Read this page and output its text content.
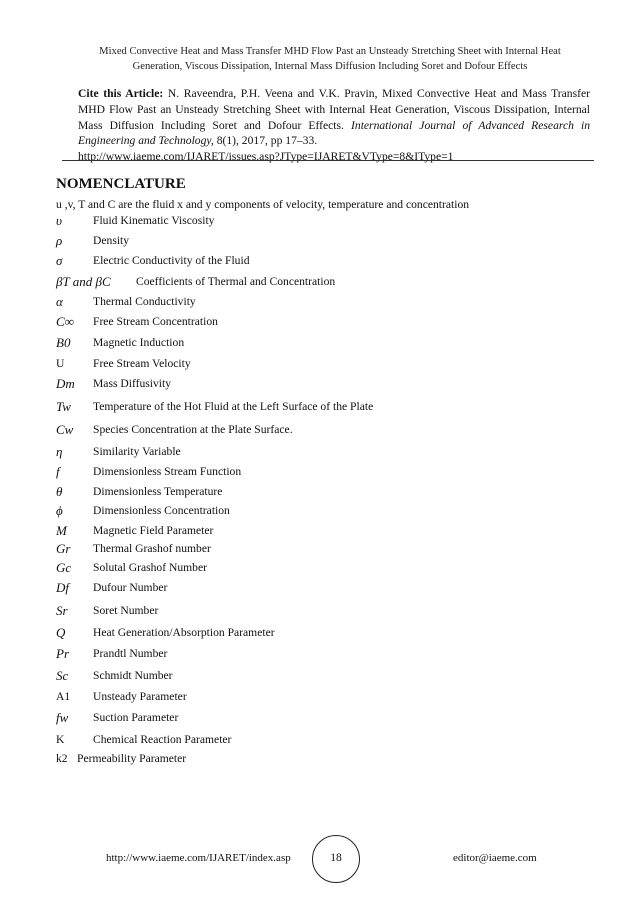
Mixed Convective Heat and Mass Transfer MHD Flow Past an Unsteady Stretching Sheet with Internal Heat
Generation, Viscous Dissipation, Internal Mass Diffusion Including Soret and Dofour Effects
Cite this Article: N. Raveendra, P.H. Veena and V.K. Pravin, Mixed Convective Heat and Mass Transfer MHD Flow Past an Unsteady Stretching Sheet with Internal Heat Generation, Viscous Dissipation, Internal Mass Diffusion Including Soret and Dofour Effects. International Journal of Advanced Research in Engineering and Technology, 8(1), 2017, pp 17–33.
http://www.iaeme.com/IJARET/issues.asp?JType=IJARET&VType=8&IType=1
NOMENCLATURE
u ,v, T and C are the fluid x and y components of velocity, temperature and concentration
υ	Fluid Kinematic Viscosity
ρ	Density
σ	Electric Conductivity of the Fluid
βT and βC	Coefficients of Thermal and Concentration
α	Thermal Conductivity
C∞	Free Stream Concentration
B0	Magnetic Induction
U	Free Stream Velocity
Dm	Mass Diffusivity
Tw	Temperature of the Hot Fluid at the Left Surface of the Plate
Cw	Species Concentration at the Plate Surface.
η	Similarity Variable
f	Dimensionless Stream Function
θ	Dimensionless Temperature
ϕ	Dimensionless Concentration
M	Magnetic Field Parameter
Gr	Thermal Grashof number
Gc	Solutal Grashof Number
Df	Dufour Number
Sr	Soret Number
Q	Heat Generation/Absorption Parameter
Pr	Prandtl Number
Sc	Schmidt Number
A1	Unsteady Parameter
fw	Suction Parameter
K	Chemical Reaction Parameter
k2 Permeability Parameter
http://www.iaeme.com/IJARET/index.asp	18	editor@iaeme.com
